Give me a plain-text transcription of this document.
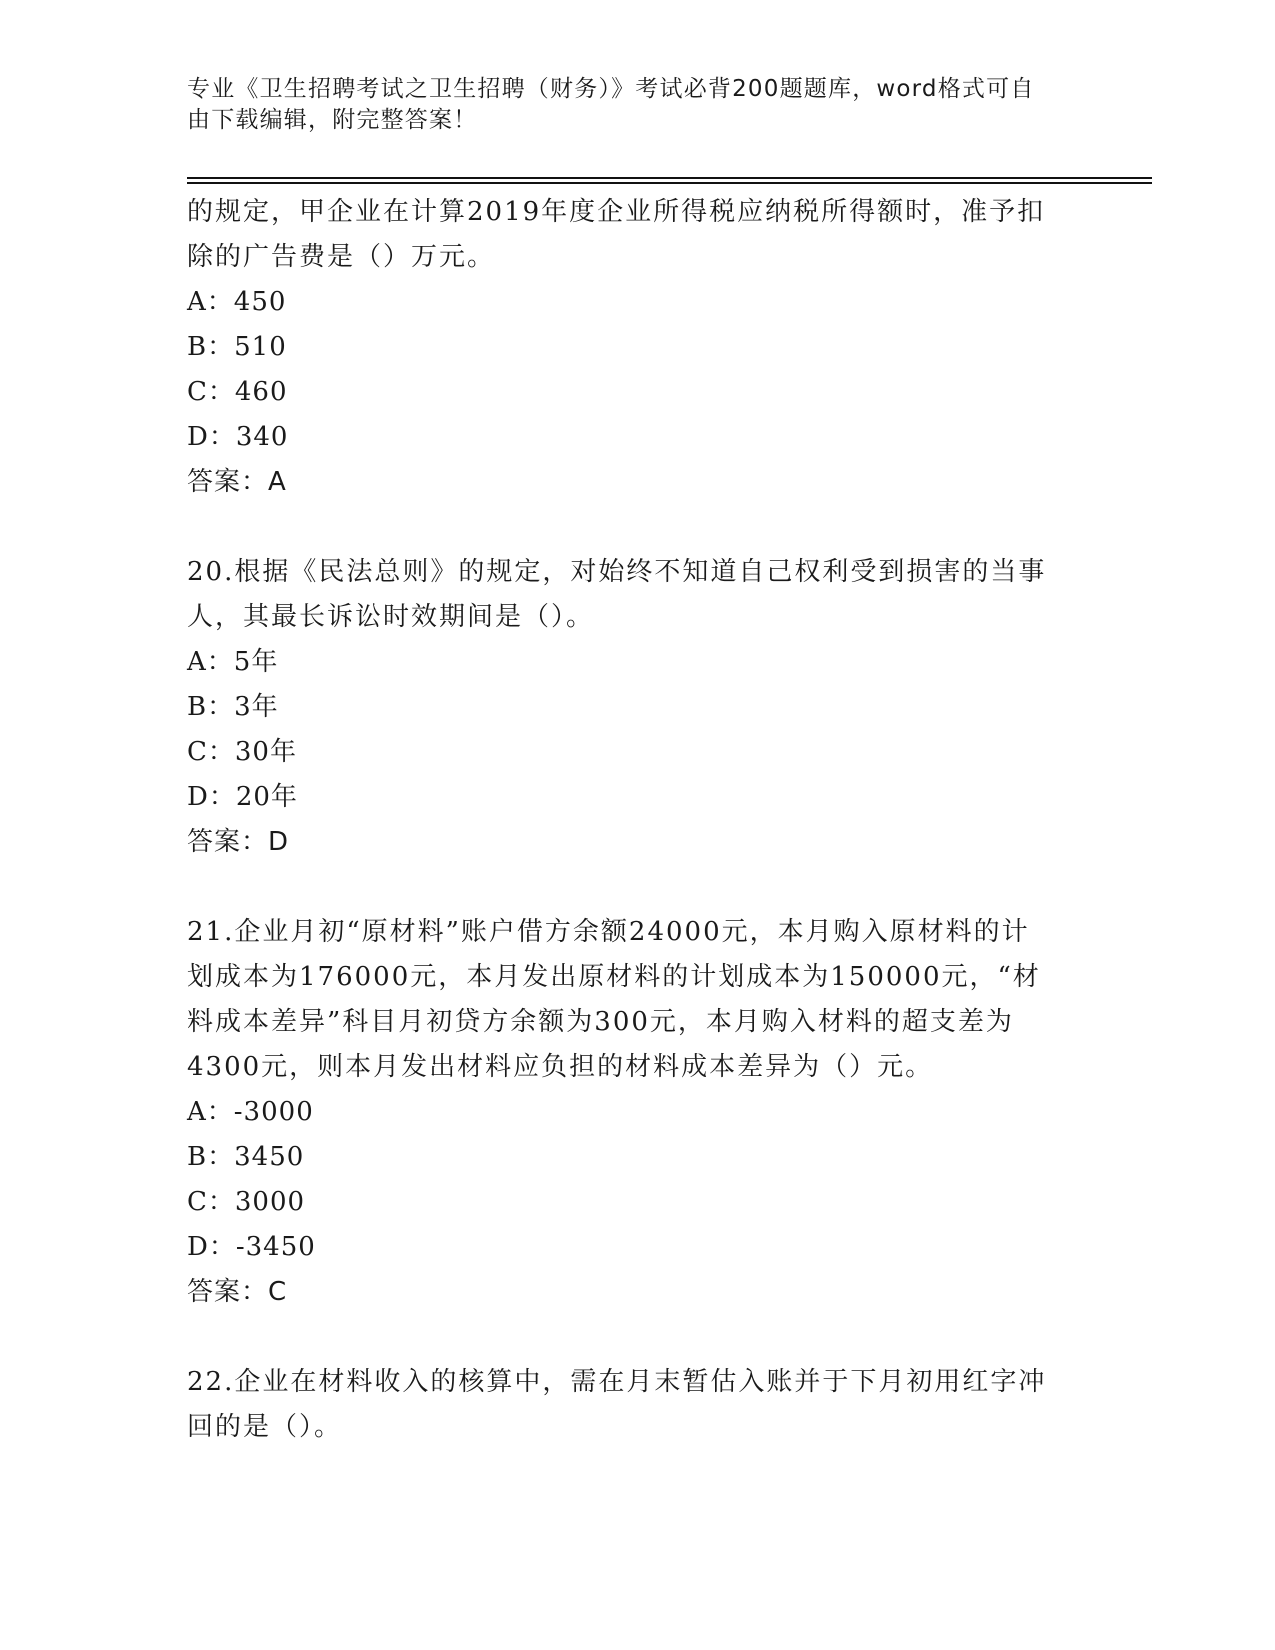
专业《卫生招聘考试之卫生招聘（财务）》考试必背200题题库，word格式可自
由下载编辑，附完整答案！

的规定，甲企业在计算2019年度企业所得税应纳税所得额时，准予扣

除的广告费是（）万元。

A：450

B：510

C：460

D：340

答案：A

20.根据《民法总则》的规定，对始终不知道自己权利受到损害的当事

人，其最长诉讼时效期间是（）。

A：5年

B：3年

C：30年

D：20年

答案：D

21.企业月初“原材料”账户借方余额24000元，本月购入原材料的计

划成本为176000元，本月发出原材料的计划成本为150000元，“材

料成本差异”科目月初贷方余额为300元，本月购入材料的超支差为

4300元，则本月发出材料应负担的材料成本差异为（）元。

A：-3000

B：3450

C：3000

D：-3450

答案：C

22.企业在材料收入的核算中，需在月末暂估入账并于下月初用红字冲

回的是（）。
